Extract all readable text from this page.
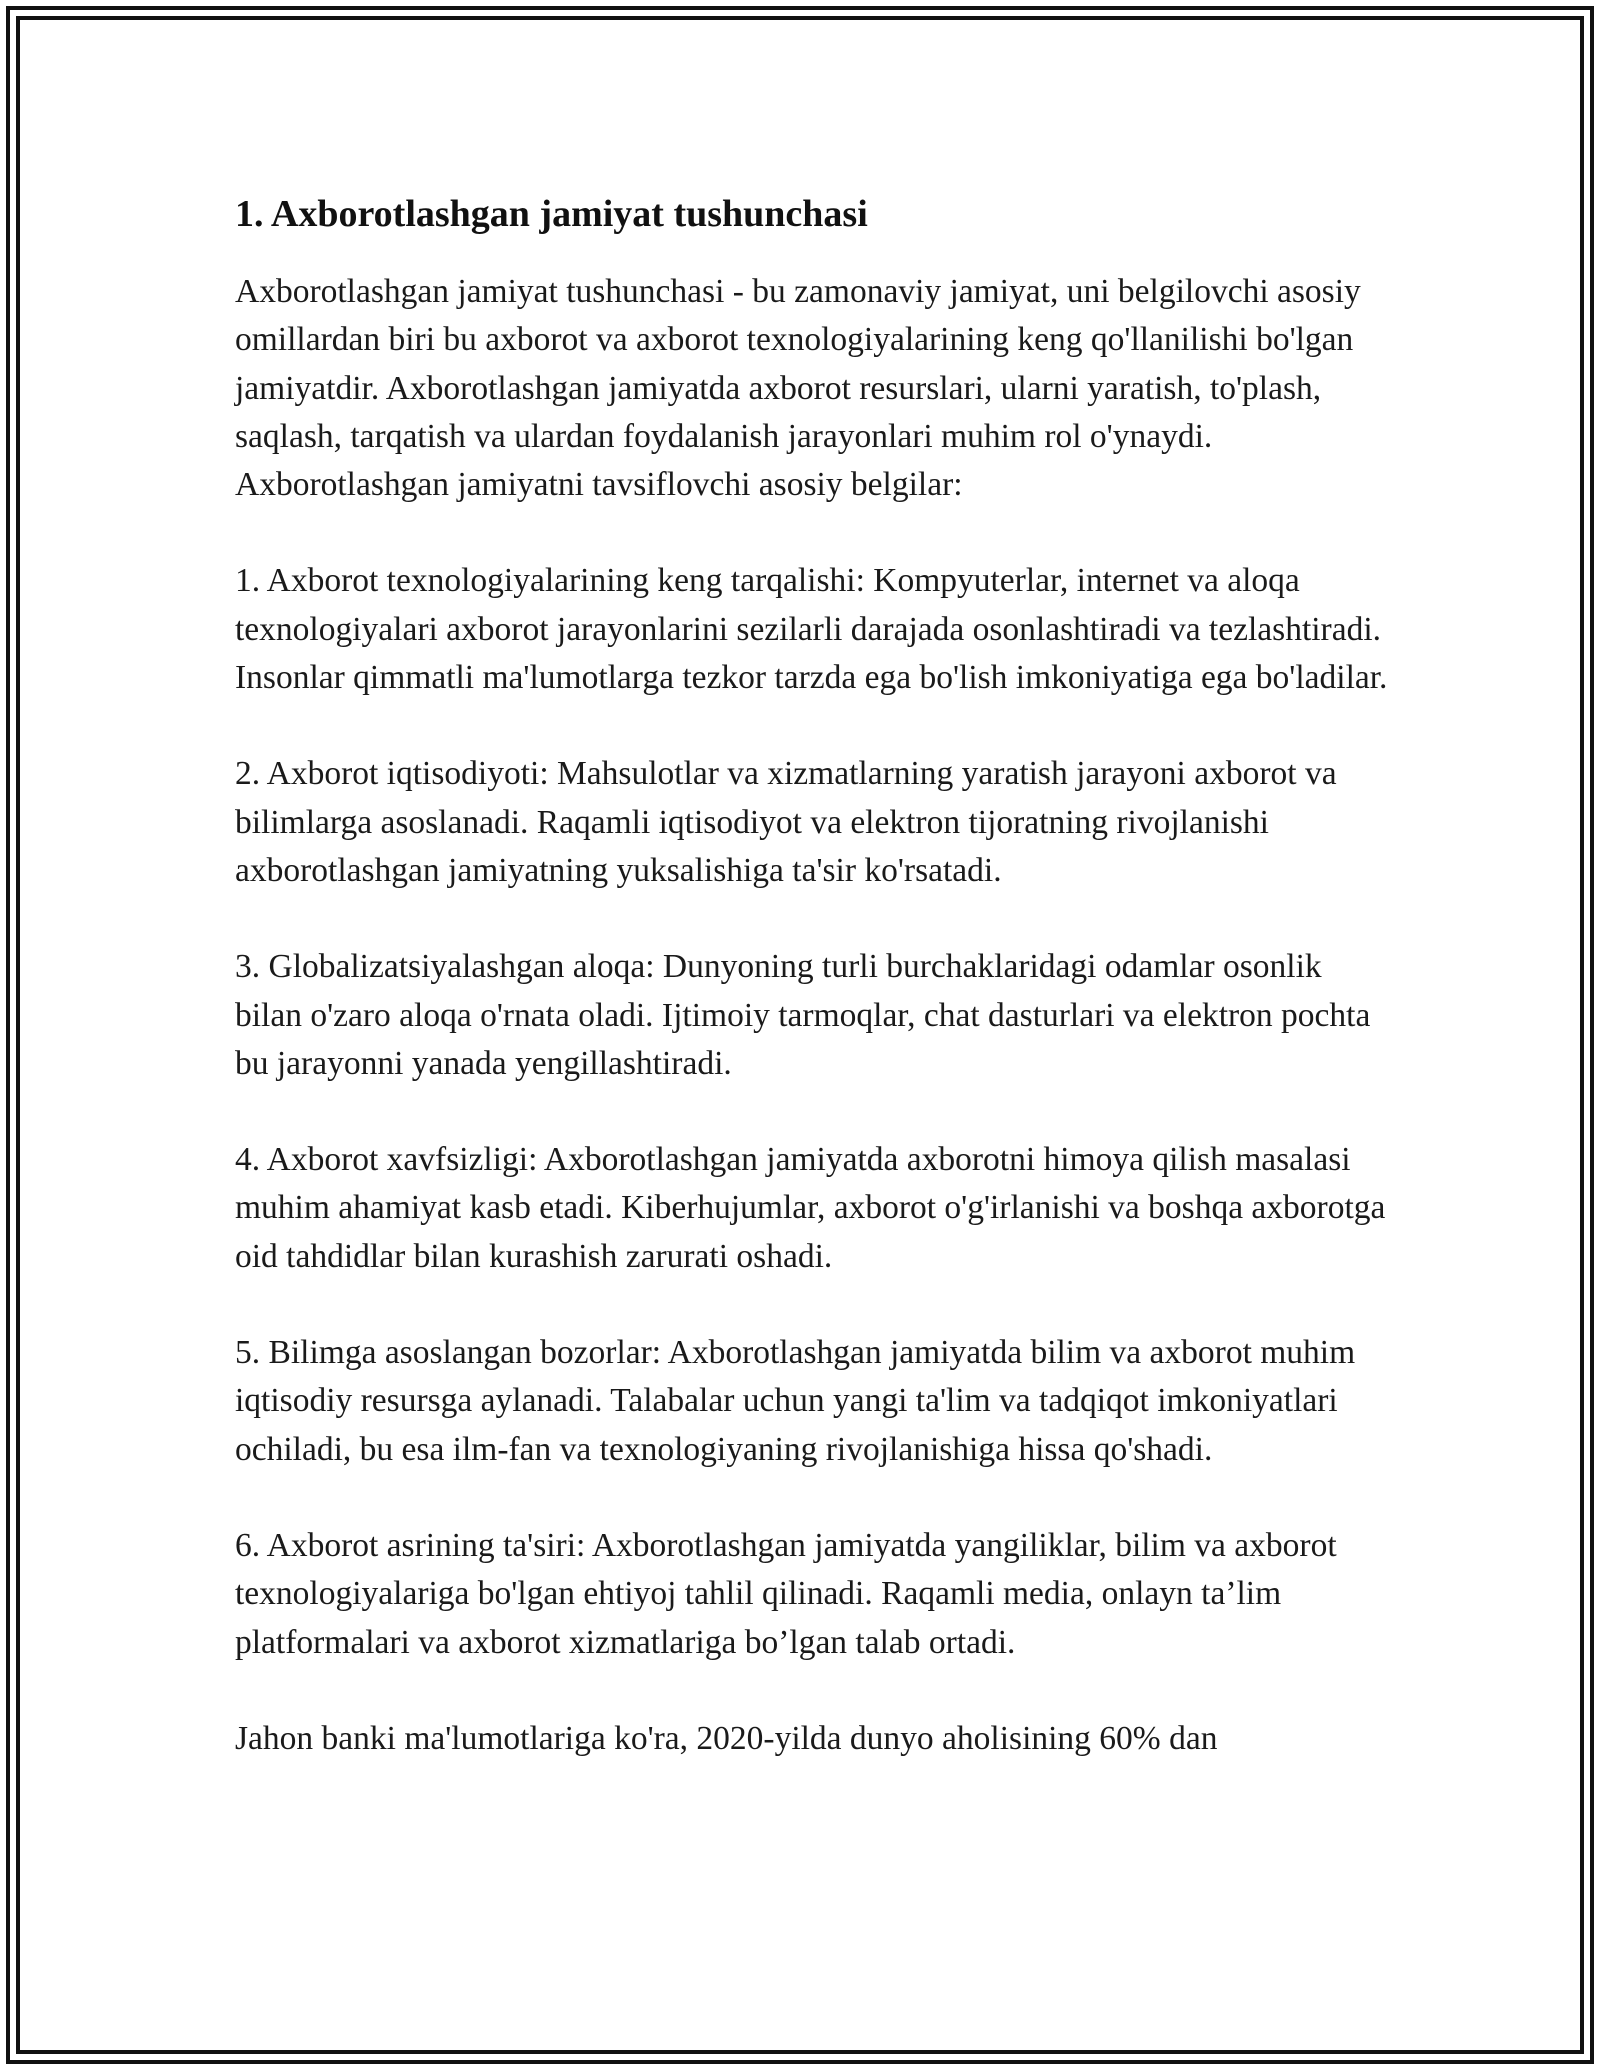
1. Axborotlashgan jamiyat tushunchasi

Axborotlashgan jamiyat tushunchasi - bu zamonaviy jamiyat, uni belgilovchi asosiy omillardan biri bu axborot va axborot texnologiyalarining keng qo'llanilishi bo'lgan jamiyatdir. Axborotlashgan jamiyatda axborot resurslari, ularni yaratish, to'plash, saqlash, tarqatish va ulardan foydalanish jarayonlari muhim rol o'ynaydi. Axborotlashgan jamiyatni tavsiflovchi asosiy belgilar:

1. Axborot texnologiyalarining keng tarqalishi: Kompyuterlar, internet va aloqa texnologiyalari axborot jarayonlarini sezilarli darajada osonlashtiradi va tezlashtiradi. Insonlar qimmatli ma'lumotlarga tezkor tarzda ega bo'lish imkoniyatiga ega bo'ladilar.

2. Axborot iqtisodiyoti: Mahsulotlar va xizmatlarning yaratish jarayoni axborot va bilimlarga asoslanadi. Raqamli iqtisodiyot va elektron tijoratning rivojlanishi axborotlashgan jamiyatning yuksalishiga ta'sir ko'rsatadi.

3. Globalizatsiyalashgan aloqa: Dunyoning turli burchaklaridagi odamlar osonlik bilan o'zaro aloqa o'rnata oladi. Ijtimoiy tarmoqlar, chat dasturlari va elektron pochta bu jarayonni yanada yengillashtiradi.

4. Axborot xavfsizligi: Axborotlashgan jamiyatda axborotni himoya qilish masalasi muhim ahamiyat kasb etadi. Kiberhujumlar, axborot o'g'irlanishi va boshqa axborotga oid tahdidlar bilan kurashish zarurati oshadi.

5. Bilimga asoslangan bozorlar: Axborotlashgan jamiyatda bilim va axborot muhim iqtisodiy resursga aylanadi. Talabalar uchun yangi ta'lim va tadqiqot imkoniyatlari ochiladi, bu esa ilm-fan va texnologiyaning rivojlanishiga hissa qo'shadi.

6. Axborot asrining ta'siri: Axborotlashgan jamiyatda yangiliklar, bilim va axborot texnologiyalariga bo'lgan ehtiyoj tahlil qilinadi. Raqamli media, onlayn ta’lim platformalari va axborot xizmatlariga bo’lgan talab ortadi.

Jahon banki ma'lumotlariga ko'ra, 2020-yilda dunyo aholisining 60% dan
